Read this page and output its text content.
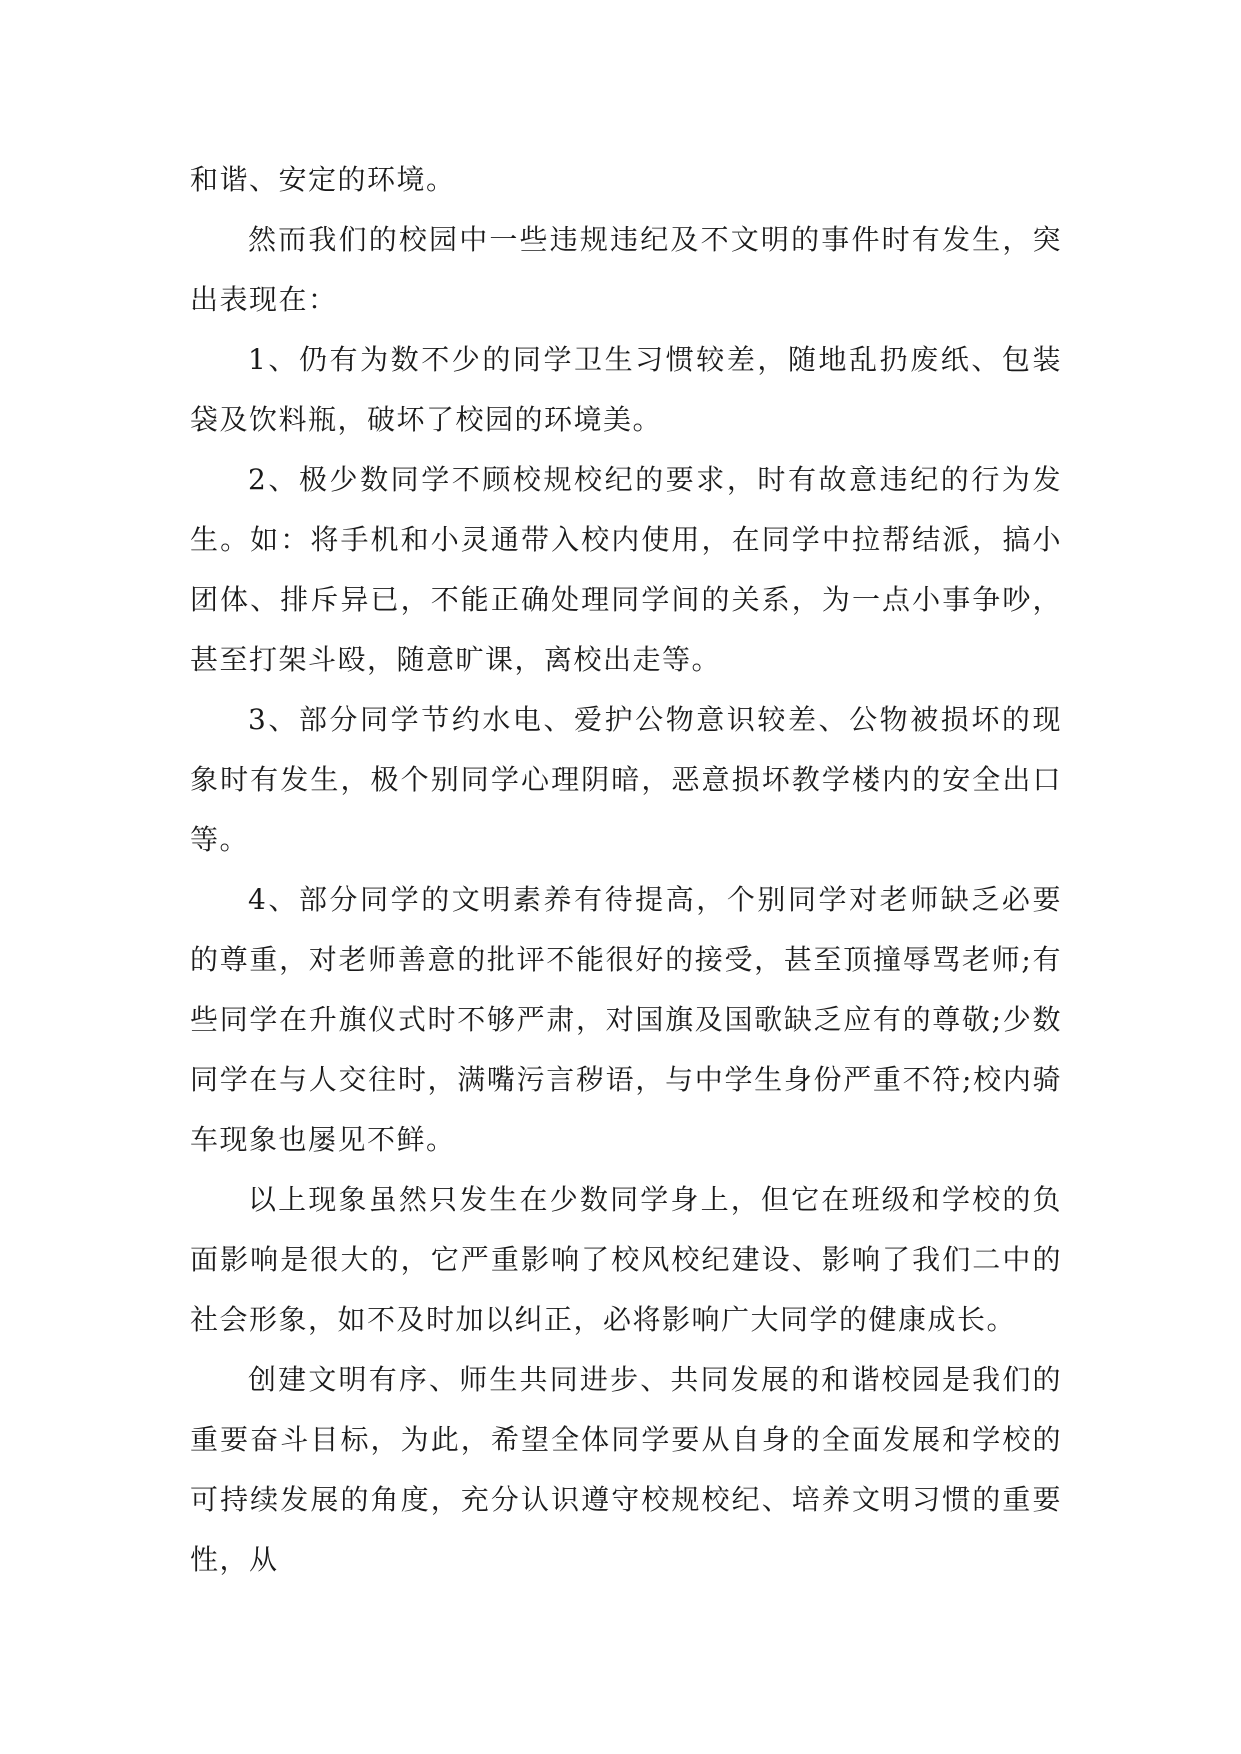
和谐、安定的环境。

然而我们的校园中一些违规违纪及不文明的事件时有发生，突出表现在：

1、仍有为数不少的同学卫生习惯较差，随地乱扔废纸、包装袋及饮料瓶，破坏了校园的环境美。

2、极少数同学不顾校规校纪的要求，时有故意违纪的行为发生。如：将手机和小灵通带入校内使用，在同学中拉帮结派，搞小团体、排斥异已，不能正确处理同学间的关系，为一点小事争吵，甚至打架斗殴，随意旷课，离校出走等。

3、部分同学节约水电、爱护公物意识较差、公物被损坏的现象时有发生，极个别同学心理阴暗，恶意损坏教学楼内的安全出口等。

4、部分同学的文明素养有待提高，个别同学对老师缺乏必要的尊重，对老师善意的批评不能很好的接受，甚至顶撞辱骂老师;有些同学在升旗仪式时不够严肃，对国旗及国歌缺乏应有的尊敬;少数同学在与人交往时，满嘴污言秽语，与中学生身份严重不符;校内骑车现象也屡见不鲜。

以上现象虽然只发生在少数同学身上，但它在班级和学校的负面影响是很大的，它严重影响了校风校纪建设、影响了我们二中的社会形象，如不及时加以纠正，必将影响广大同学的健康成长。

创建文明有序、师生共同进步、共同发展的和谐校园是我们的重要奋斗目标，为此，希望全体同学要从自身的全面发展和学校的可持续发展的角度，充分认识遵守校规校纪、培养文明习惯的重要性，从
